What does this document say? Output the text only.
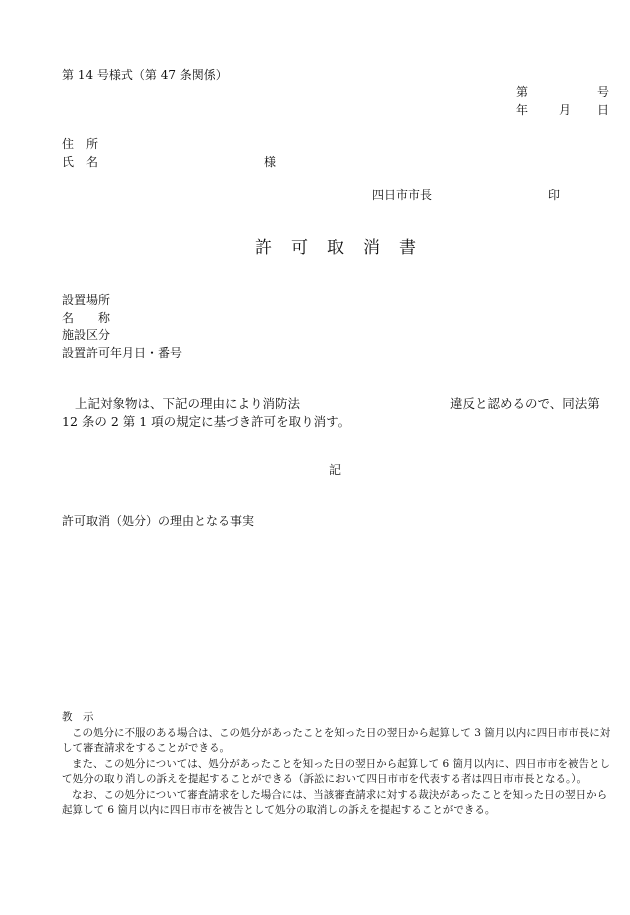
第 14 号様式（第 47 条関係）
第	号
年	月 日
住　所
氏　名	様
四日市市長	印
許 可 取 消 書
設置場所
名　　称
施設区分
設置許可年月日・番号
上記対象物は、下記の理由により消防法	違反と認めるので、同法第
12 条の 2 第 1 項の規定に基づき許可を取り消す。
記
許可取消（処分）の理由となる事実

教　示

この処分に不服のある場合は、この処分があったことを知った日の翌日から起算して 3 箇月以内に四日市市長に対

して審査請求をすることができる。

また、この処分については、処分があったことを知った日の翌日から起算して 6 箇月以内に、四日市市を被告とし

て処分の取り消しの訴えを提起することができる（訴訟において四日市市を代表する者は四日市市長となる。）。

なお、この処分について審査請求をした場合には、当該審査請求に対する裁決があったことを知った日の翌日から

起算して 6 箇月以内に四日市市を被告として処分の取消しの訴えを提起することができる。
